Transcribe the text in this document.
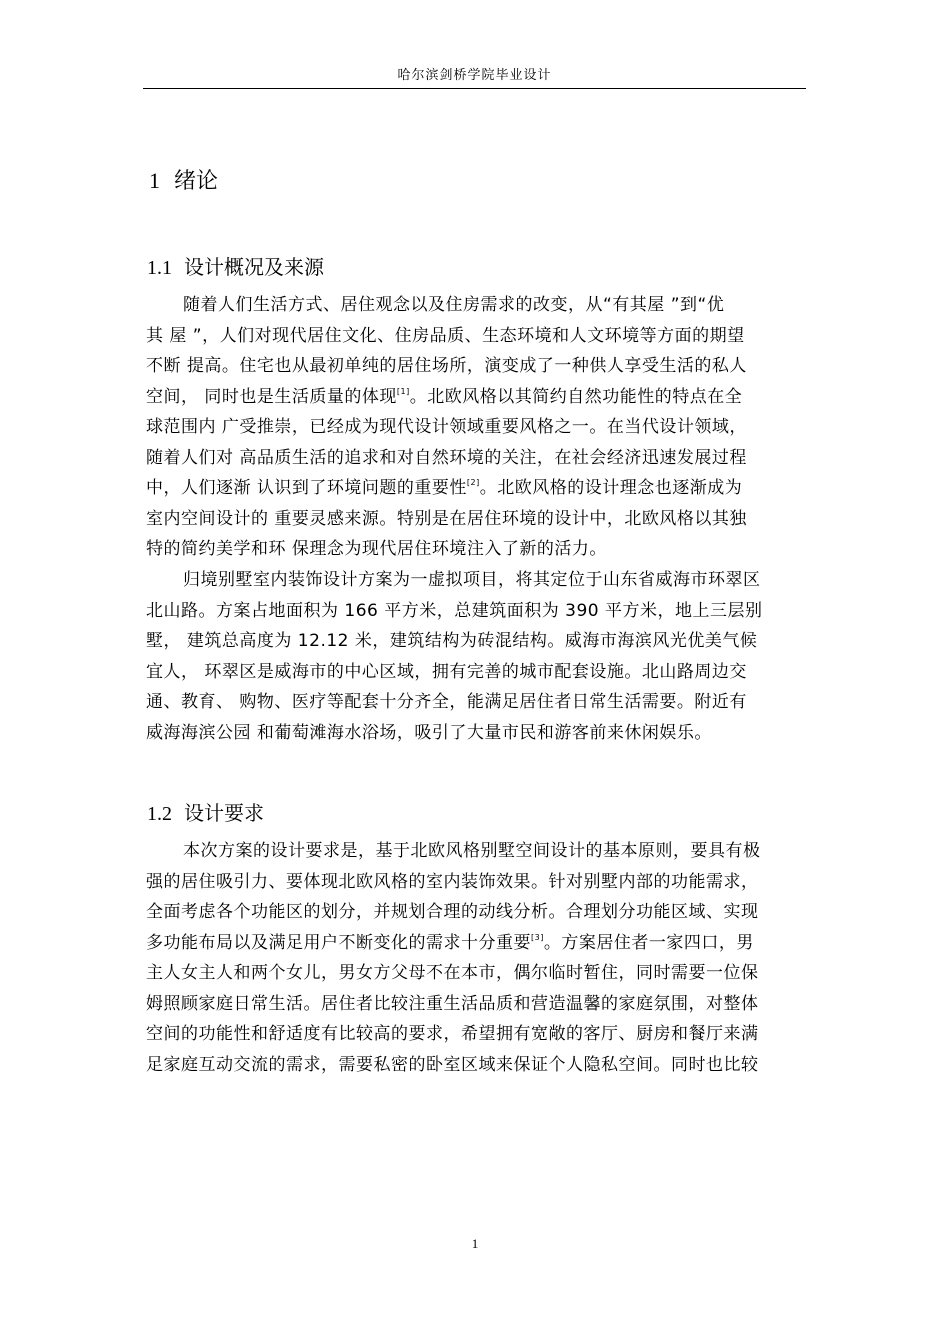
哈尔滨剑桥学院毕业设计
1 绪论
1.1 设计概况及来源
随着人们生活方式、居住观念以及住房需求的改变，从“有其屋 ”到“优
其 屋 ”，人们对现代居住文化、住房品质、生态环境和人文环境等方面的期望
不断 提高。住宅也从最初单纯的居住场所，演变成了一种供人享受生活的私人
空间， 同时也是生活质量的体现[1]。北欧风格以其简约自然功能性的特点在全
球范围内 广受推崇，已经成为现代设计领域重要风格之一。在当代设计领域，
随着人们对 高品质生活的追求和对自然环境的关注，在社会经济迅速发展过程
中，人们逐渐 认识到了环境问题的重要性[2]。北欧风格的设计理念也逐渐成为
室内空间设计的 重要灵感来源。特别是在居住环境的设计中，北欧风格以其独
特的简约美学和环 保理念为现代居住环境注入了新的活力。
归境别墅室内装饰设计方案为一虚拟项目，将其定位于山东省威海市环翠区
北山路。方案占地面积为 166 平方米，总建筑面积为 390 平方米，地上三层别
墅， 建筑总高度为 12.12 米，建筑结构为砖混结构。威海市海滨风光优美气候
宜人， 环翠区是威海市的中心区域，拥有完善的城市配套设施。北山路周边交
通、教育、 购物、医疗等配套十分齐全，能满足居住者日常生活需要。附近有
威海海滨公园 和葡萄滩海水浴场，吸引了大量市民和游客前来休闲娱乐。
1.2 设计要求
本次方案的设计要求是，基于北欧风格别墅空间设计的基本原则，要具有极
强的居住吸引力、要体现北欧风格的室内装饰效果。针对别墅内部的功能需求，
全面考虑各个功能区的划分，并规划合理的动线分析。合理划分功能区域、实现
多功能布局以及满足用户不断变化的需求十分重要[3]。方案居住者一家四口，男
主人女主人和两个女儿，男女方父母不在本市，偶尔临时暂住，同时需要一位保
姆照顾家庭日常生活。居住者比较注重生活品质和营造温馨的家庭氛围，对整体
空间的功能性和舒适度有比较高的要求，希望拥有宽敞的客厅、厨房和餐厅来满
足家庭互动交流的需求，需要私密的卧室区域来保证个人隐私空间。同时也比较
1
